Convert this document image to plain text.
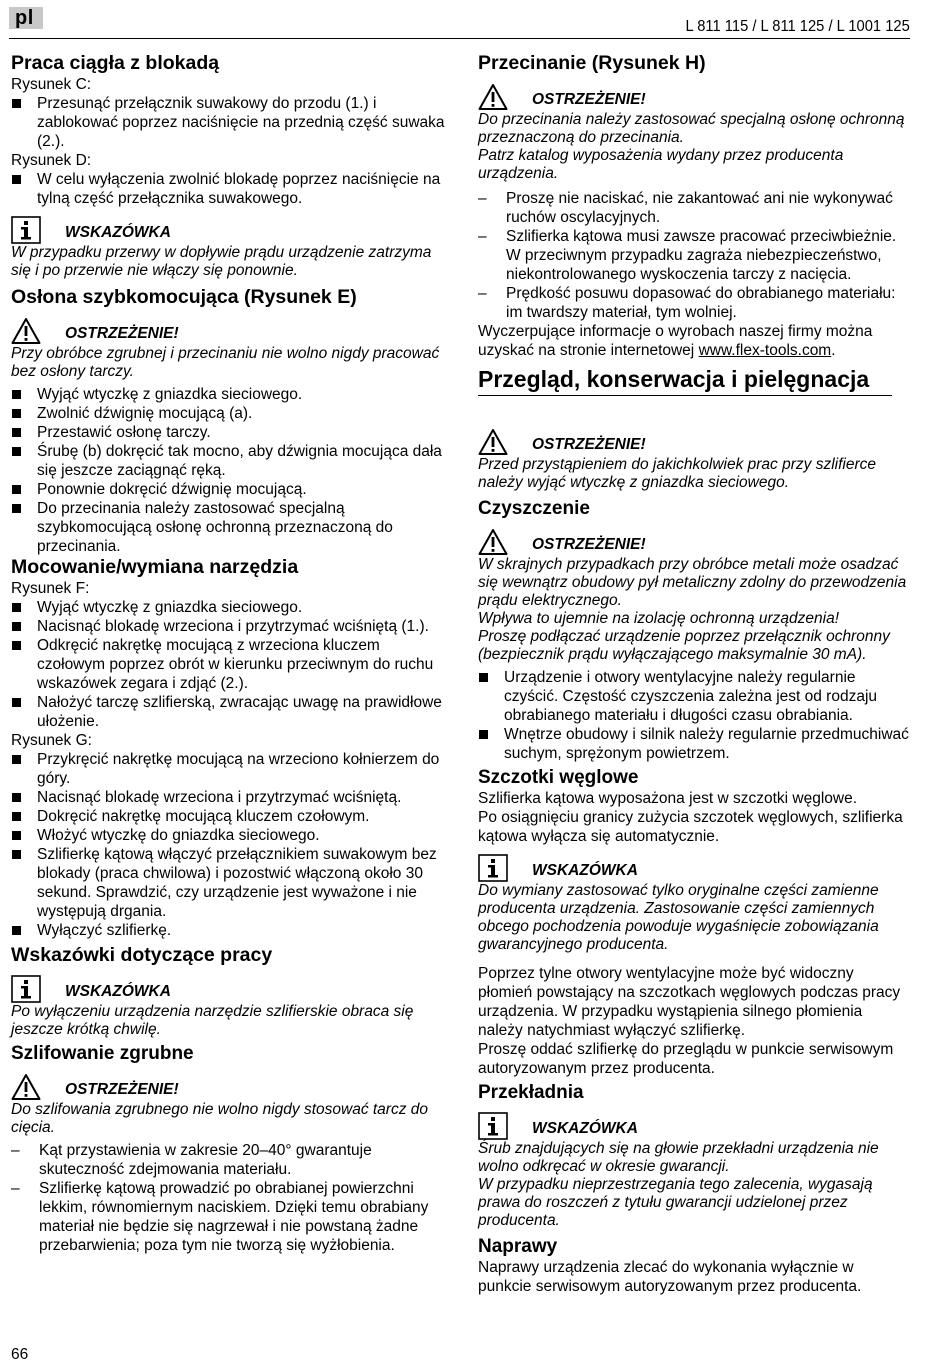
pl	L 811 115 / L 811 125 / L 1001 125
Praca ciągła z blokadą
Rysunek C:
Przesunąć przełącznik suwakowy do przodu (1.) i zablokować poprzez naciśnięcie na przednią część suwaka (2.).
Rysunek D:
W celu wyłączenia zwolnić blokadę poprzez naciśnięcie na tylną część przełącznika suwakowego.
WSKAZÓWKA
W przypadku przerwy w dopływie prądu urządzenie zatrzyma się i po przerwie nie włączy się ponownie.
Osłona szybkomocująca (Rysunek E)
OSTRZEŻENIE!
Przy obróbce zgrubnej i przecinaniu nie wolno nigdy pracować bez osłony tarczy.
Wyjąć wtyczkę z gniazdka sieciowego.
Zwolnić dźwignię mocującą (a).
Przestawić osłonę tarczy.
Śrubę (b) dokręcić tak mocno, aby dźwignia mocująca dała się jeszcze zaciągnąć ręką.
Ponownie dokręcić dźwignię mocującą.
Do przecinania należy zastosować specjalną szybkomocującą osłonę ochronną przeznaczoną do przecinania.
Mocowanie/wymiana narzędzia
Rysunek F:
Wyjąć wtyczkę z gniazdka sieciowego.
Nacisnąć blokadę wrzeciona i przytrzymać wciśniętą (1.).
Odkręcić nakrętkę mocującą z wrzeciona kluczem czołowym poprzez obrót w kierunku przeciwnym do ruchu wskazówek zegara i zdjąć (2.).
Nałożyć tarczę szlifierską, zwracając uwagę na prawidłowe ułożenie.
Rysunek G:
Przykręcić nakrętkę mocującą na wrzeciono kołnierzem do góry.
Nacisnąć blokadę wrzeciona i przytrzymać wciśniętą.
Dokręcić nakrętkę mocującą kluczem czołowym.
Włożyć wtyczkę do gniazdka sieciowego.
Szlifierkę kątową włączyć przełącznikiem suwakowym bez blokady (praca chwilowa) i pozostwić włączoną około 30 sekund. Sprawdzić, czy urządzenie jest wyważone i nie występują drgania.
Wyłączyć szlifierkę.
Wskazówki dotyczące pracy
WSKAZÓWKA
Po wyłączeniu urządzenia narzędzie szlifierskie obraca się jeszcze krótką chwilę.
Szlifowanie zgrubne
OSTRZEŻENIE!
Do szlifowania zgrubnego nie wolno nigdy stosować tarcz do cięcia.
– Kąt przystawienia w zakresie 20–40° gwarantuje skuteczność zdejmowania materiału.
– Szlifierkę kątową prowadzić po obrabianej powierzchni lekkim, równomiernym naciskiem. Dzięki temu obrabiany materiał nie będzie się nagrzewał i nie powstaną żadne przebarwienia; poza tym nie tworzą się wyżłobienia.
Przecinanie (Rysunek H)
OSTRZEŻENIE!
Do przecinania należy zastosować specjalną osłonę ochronną przeznaczoną do przecinania.
Patrz katalog wyposażenia wydany przez producenta urządzenia.
– Proszę nie naciskać, nie zakantować ani nie wykonywać ruchów oscylacyjnych.
– Szlifierka kątowa musi zawsze pracować przeciwbieżnie. W przeciwnym przypadku zagraża niebezpieczeństwo, niekontrolowanego wyskoczenia tarczy z nacięcia.
– Prędkość posuwu dopasować do obrabianego materiału: im twardszy materiał, tym wolniej.
Wyczerpujące informacje o wyrobach naszej firmy można uzyskać na stronie internetowej www.flex-tools.com.
Przegląd, konserwacja i pielęgnacja
OSTRZEŻENIE!
Przed przystąpieniem do jakichkolwiek prac przy szlifierce należy wyjąć wtyczkę z gniazdka sieciowego.
Czyszczenie
OSTRZEŻENIE!
W skrajnych przypadkach przy obróbce metali może osadzać się wewnątrz obudowy pył metaliczny zdolny do przewodzenia prądu elektrycznego.
Wpływa to ujemnie na izolację ochronną urządzenia!
Proszę podłączać urządzenie poprzez przełącznik ochronny (bezpiecznik prądu wyłączającego maksymalnie 30 mA).
Urządzenie i otwory wentylacyjne należy regularnie czyścić. Częstość czyszczenia zależna jest od rodzaju obrabianego materiału i długości czasu obrabiania.
Wnętrze obudowy i silnik należy regularnie przedmuchiwać suchym, sprężonym powietrzem.
Szczotki węglowe
Szlifierka kątowa wyposażona jest w szczotki węglowe.
Po osiągnięciu granicy zużycia szczotek węglowych, szlifierka kątowa wyłącza się automatycznie.
WSKAZÓWKA
Do wymiany zastosować tylko oryginalne części zamienne producenta urządzenia. Zastosowanie części zamiennych obcego pochodzenia powoduje wygaśnięcie zobowiązania gwarancyjnego producenta.
Poprzez tylne otwory wentylacyjne może być widoczny płomień powstający na szczotkach węglowych podczas pracy urządzenia. W przypadku wystąpienia silnego płomienia należy natychmiast wyłączyć szlifierkę.
Proszę oddać szlifierkę do przeglądu w punkcie serwisowym autoryzowanym przez producenta.
Przekładnia
WSKAZÓWKA
Śrub znajdujących się na głowie przekładni urządzenia nie wolno odkręcać w okresie gwarancji.
W przypadku nieprzestrzegania tego zalecenia, wygasają prawa do roszczeń z tytułu gwarancji udzielonej przez producenta.
Naprawy
Naprawy urządzenia zlecać do wykonania wyłącznie w punkcie serwisowym autoryzowanym przez producenta.
66
